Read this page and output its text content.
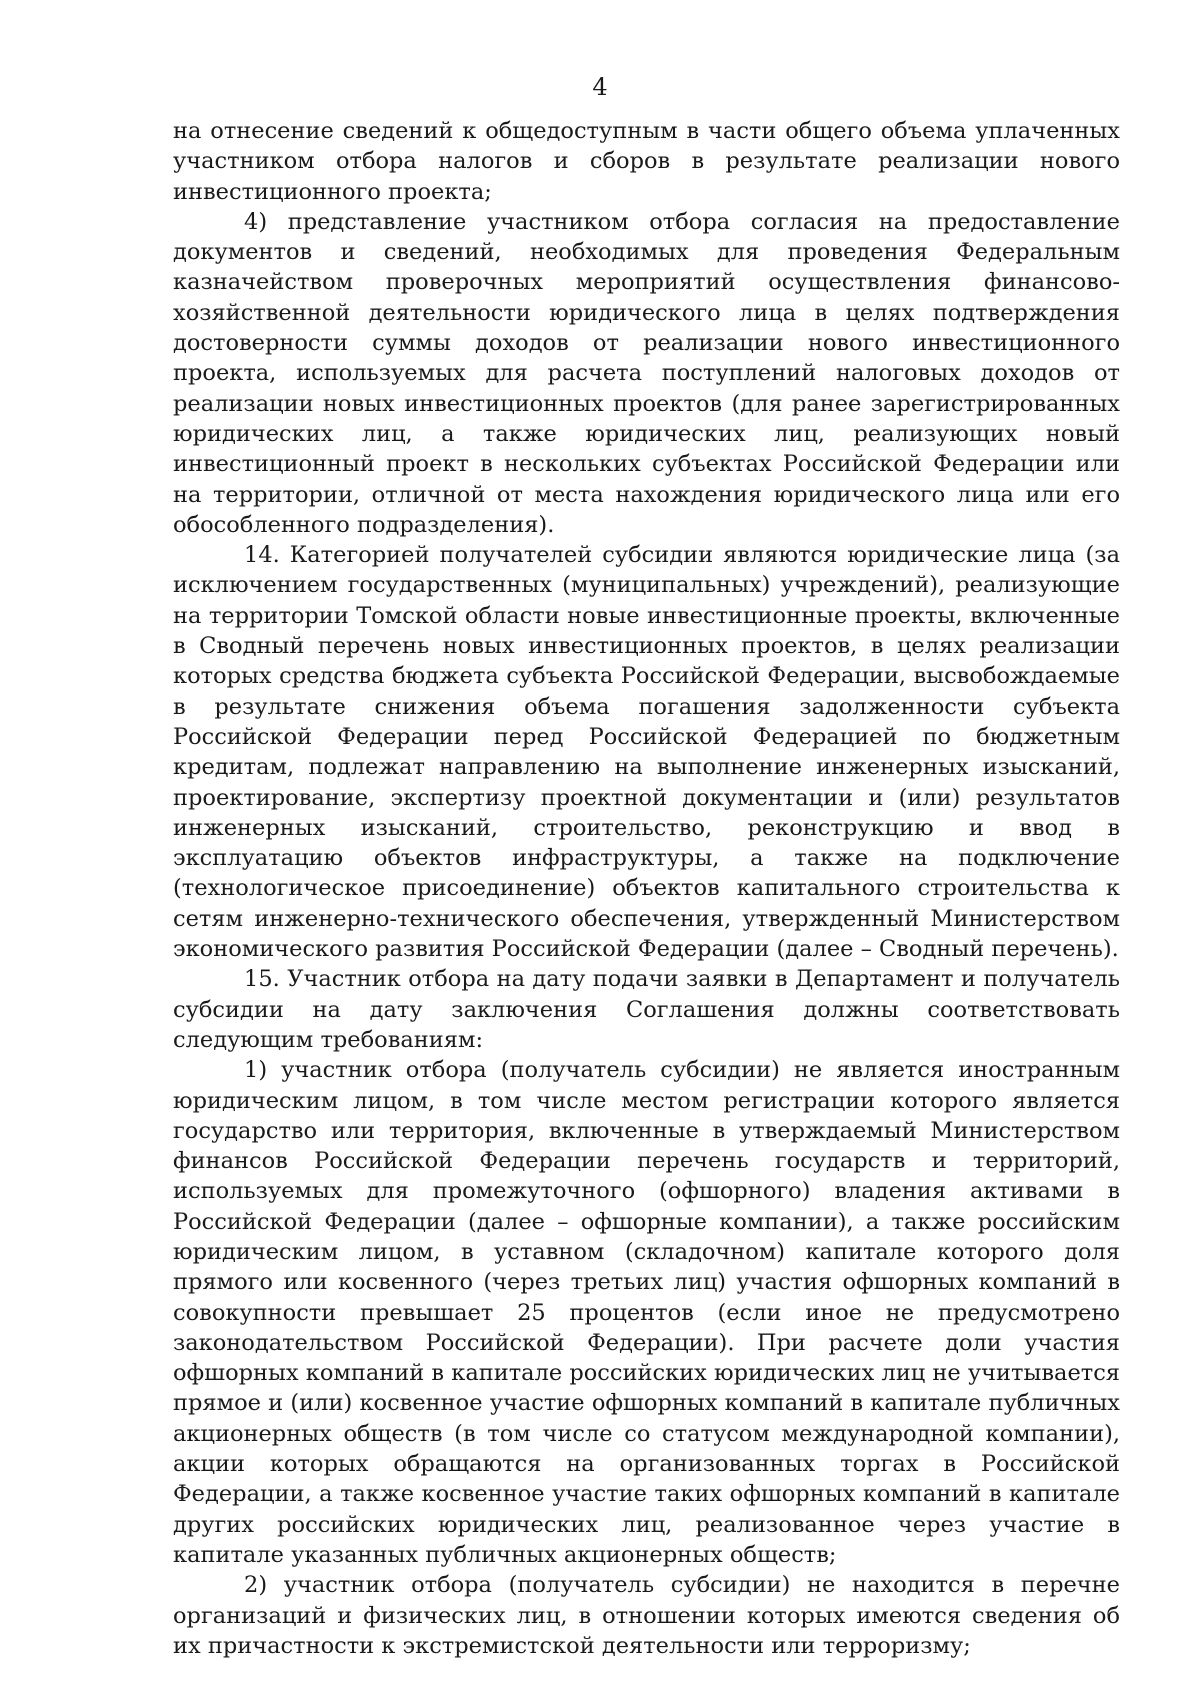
4

на отнесение сведений к общедоступным в части общего объема уплаченных участником отбора налогов и сборов в результате реализации нового инвестиционного проекта;

4) представление участником отбора согласия на предоставление документов и сведений, необходимых для проведения Федеральным казначейством проверочных мероприятий осуществления финансово-хозяйственной деятельности юридического лица в целях подтверждения достоверности суммы доходов от реализации нового инвестиционного проекта, используемых для расчета поступлений налоговых доходов от реализации новых инвестиционных проектов (для ранее зарегистрированных юридических лиц, а также юридических лиц, реализующих новый инвестиционный проект в нескольких субъектах Российской Федерации или на территории, отличной от места нахождения юридического лица или его обособленного подразделения).

14. Категорией получателей субсидии являются юридические лица (за исключением государственных (муниципальных) учреждений), реализующие на территории Томской области новые инвестиционные проекты, включенные в Сводный перечень новых инвестиционных проектов, в целях реализации которых средства бюджета субъекта Российской Федерации, высвобождаемые в результате снижения объема погашения задолженности субъекта Российской Федерации перед Российской Федерацией по бюджетным кредитам, подлежат направлению на выполнение инженерных изысканий, проектирование, экспертизу проектной документации и (или) результатов инженерных изысканий, строительство, реконструкцию и ввод в эксплуатацию объектов инфраструктуры, а также на подключение (технологическое присоединение) объектов капитального строительства к сетям инженерно-технического обеспечения, утвержденный Министерством экономического развития Российской Федерации (далее – Сводный перечень).

15. Участник отбора на дату подачи заявки в Департамент и получатель субсидии на дату заключения Соглашения должны соответствовать следующим требованиям:

1) участник отбора (получатель субсидии) не является иностранным юридическим лицом, в том числе местом регистрации которого является государство или территория, включенные в утверждаемый Министерством финансов Российской Федерации перечень государств и территорий, используемых для промежуточного (офшорного) владения активами в Российской Федерации (далее – офшорные компании), а также российским юридическим лицом, в уставном (складочном) капитале которого доля прямого или косвенного (через третьих лиц) участия офшорных компаний в совокупности превышает 25 процентов (если иное не предусмотрено законодательством Российской Федерации). При расчете доли участия офшорных компаний в капитале российских юридических лиц не учитывается прямое и (или) косвенное участие офшорных компаний в капитале публичных акционерных обществ (в том числе со статусом международной компании), акции которых обращаются на организованных торгах в Российской Федерации, а также косвенное участие таких офшорных компаний в капитале других российских юридических лиц, реализованное через участие в капитале указанных публичных акционерных обществ;

2) участник отбора (получатель субсидии) не находится в перечне организаций и физических лиц, в отношении которых имеются сведения об их причастности к экстремистской деятельности или терроризму;
